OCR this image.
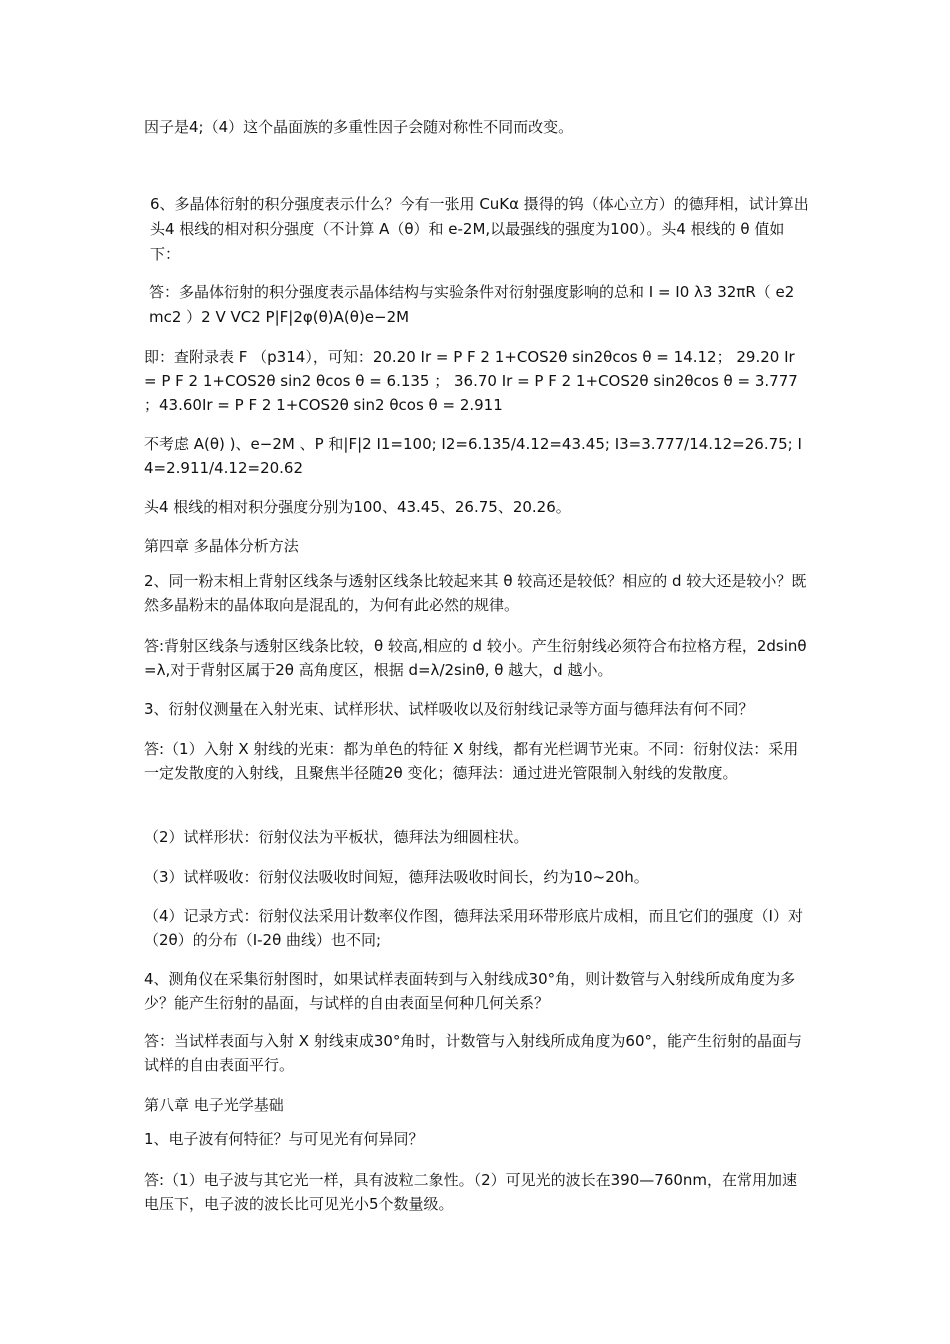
因子是4;（4）这个晶面族的多重性因子会随对称性不同而改变。

6、多晶体衍射的积分强度表示什么？今有一张用 CuKα 摄得的钨（体心立方）的德拜相，试计算出头4 根线的相对积分强度（不计算 A（θ）和 e-2M,以最强线的强度为100）。头4 根线的 θ 值如下：

答：多晶体衍射的积分强度表示晶体结构与实验条件对衍射强度影响的总和 I = I0 λ3 32πR（ e2 mc2 ）2 V VC2 P|F|2φ(θ)A(θ)e−2M

即：查附录表 F （p314），可知：20.20 Ir = P F 2 1+COS2θ sin2θcos θ = 14.12； 29.20 Ir = P F 2 1+COS2θ sin2 θcos θ = 6.135 ； 36.70 Ir = P F 2 1+COS2θ sin2θcos θ = 3.777 ；43.60Ir = P F 2 1+COS2θ sin2 θcos θ = 2.911

不考虑 A(θ) )、e−2M 、P 和|F|2 I1=100; I2=6.135/4.12=43.45; I3=3.777/14.12=26.75; I4=2.911/4.12=20.62

头4 根线的相对积分强度分别为100、43.45、26.75、20.26。

第四章 多晶体分析方法

2、同一粉末相上背射区线条与透射区线条比较起来其 θ 较高还是较低？相应的 d 较大还是较小？既然多晶粉末的晶体取向是混乱的，为何有此必然的规律。

答:背射区线条与透射区线条比较，θ 较高,相应的 d 较小。产生衍射线必须符合布拉格方程，2dsinθ=λ,对于背射区属于2θ 高角度区，根据 d=λ/2sinθ, θ 越大，d 越小。

3、衍射仪测量在入射光束、试样形状、试样吸收以及衍射线记录等方面与德拜法有何不同？

答:（1）入射 X 射线的光束：都为单色的特征 X 射线，都有光栏调节光束。不同：衍射仪法：采用一定发散度的入射线，且聚焦半径随2θ 变化；德拜法：通过进光管限制入射线的发散度。

（2）试样形状：衍射仪法为平板状，德拜法为细圆柱状。

（3）试样吸收：衍射仪法吸收时间短，德拜法吸收时间长，约为10~20h。

（4）记录方式：衍射仪法采用计数率仪作图，德拜法采用环带形底片成相，而且它们的强度（I）对（2θ）的分布（I-2θ 曲线）也不同;

4、测角仪在采集衍射图时，如果试样表面转到与入射线成30°角，则计数管与入射线所成角度为多少？能产生衍射的晶面，与试样的自由表面呈何种几何关系？

答：当试样表面与入射 X 射线束成30°角时，计数管与入射线所成角度为60°，能产生衍射的晶面与试样的自由表面平行。

第八章 电子光学基础

1、电子波有何特征？与可见光有何异同？

答:（1）电子波与其它光一样，具有波粒二象性。（2）可见光的波长在390—760nm，在常用加速电压下，电子波的波长比可见光小5个数量级。
